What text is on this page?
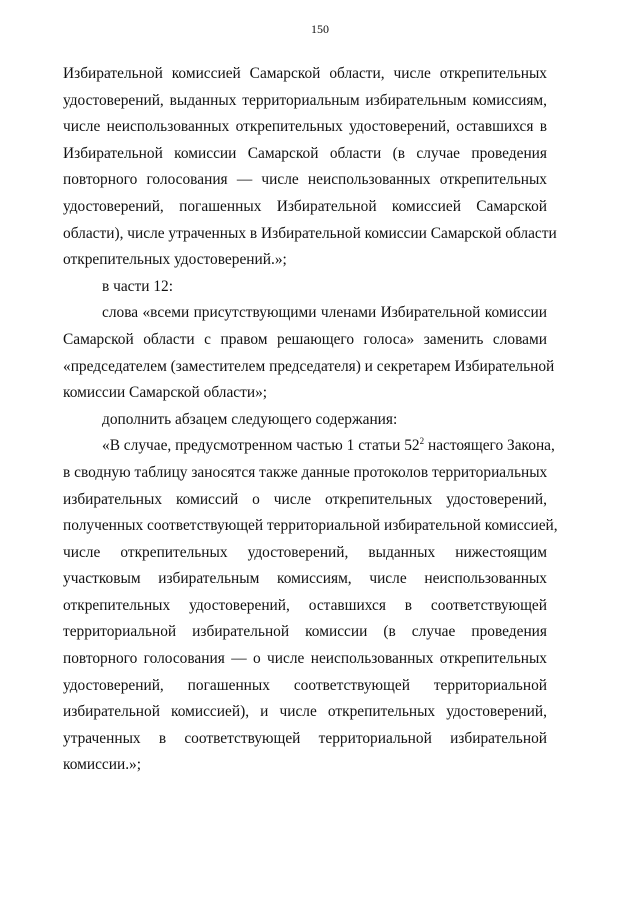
150

Избирательной комиссией Самарской области, числе открепительных
удостоверений, выданных территориальным избирательным комиссиям,
числе неиспользованных открепительных удостоверений, оставшихся в
Избирательной комиссии Самарской области (в случае проведения
повторного голосования — числе неиспользованных открепительных
удостоверений, погашенных Избирательной комиссией Самарской
области), числе утраченных в Избирательной комиссии Самарской области
открепительных удостоверений.»;

в части 12:

слова «всеми присутствующими членами Избирательной комиссии
Самарской области с правом решающего голоса» заменить словами
«председателем (заместителем председателя) и секретарем Избирательной
комиссии Самарской области»;

дополнить абзацем следующего содержания:

«В случае, предусмотренном частью 1 статьи $52^2$ настоящего Закона,
в сводную таблицу заносятся также данные протоколов территориальных
избирательных комиссий о числе открепительных удостоверений,
полученных соответствующей территориальной избирательной комиссией,
числе открепительных удостоверений, выданных нижестоящим
участковым избирательным комиссиям, числе неиспользованных
открепительных удостоверений, оставшихся в соответствующей
территориальной избирательной комиссии (в случае проведения
повторного голосования — о числе неиспользованных открепительных
удостоверений, погашенных соответствующей территориальной
избирательной комиссией), и числе открепительных удостоверений,
утраченных в соответствующей территориальной избирательной
комиссии.»;
